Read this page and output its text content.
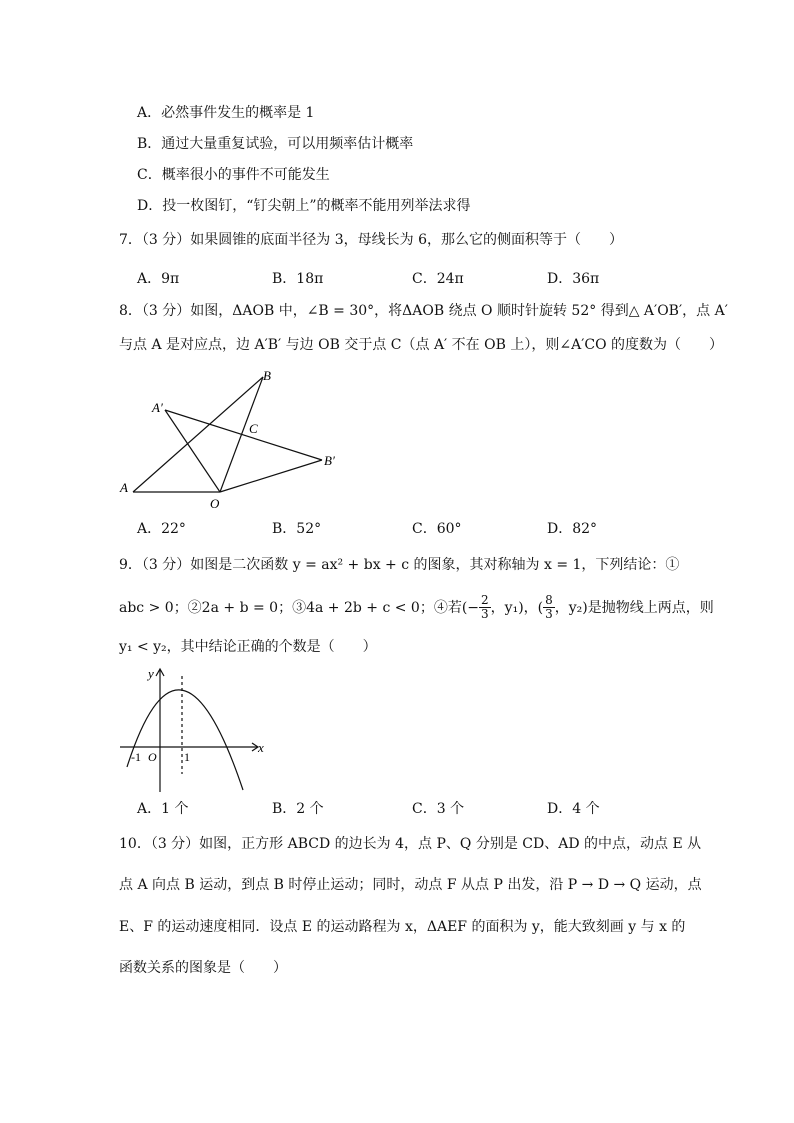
A．必然事件发生的概率是 1
B．通过大量重复试验，可以用频率估计概率
C．概率很小的事件不可能发生
D．投一枚图钉，“钉尖朝上”的概率不能用列举法求得
7．（3 分）如果圆锥的底面半径为 3，母线长为 6，那么它的侧面积等于（　　）
A．9π	B．18π	C．24π	D．36π
8．（3 分）如图，ΔAOB 中，∠B = 30°，将ΔAOB 绕点 O 顺时针旋转 52° 得到△ A′OB′，点 A′
与点 A 是对应点，边 A′B′ 与边 OB 交于点 C（点 A′ 不在 OB 上），则∠A′CO 的度数为（　　）
A
O
B
A′
B′
C
A．22°	B．52°	C．60°	D．82°
9．（3 分）如图是二次函数 y = ax² + bx + c 的图象，其对称轴为 x = 1，下列结论：①
abc > 0；②2a + b = 0；③4a + 2b + c < 0；④若(− $\frac{2}{3}$ ，y₁)，( $\frac{8}{3}$ ，y₂)是抛物线上两点，则
y₁ < y₂，其中结论正确的个数是（　　）
y
x
-1 O 1
A．1 个	B．2 个	C．3 个	D．4 个
10．（3 分）如图，正方形 ABCD 的边长为 4，点 P、Q 分别是 CD、AD 的中点，动点 E 从
点 A 向点 B 运动，到点 B 时停止运动；同时，动点 F 从点 P 出发，沿 P → D → Q 运动，点
E、F 的运动速度相同．设点 E 的运动路程为 x，ΔAEF 的面积为 y，能大致刻画 y 与 x 的
函数关系的图象是（　　）
